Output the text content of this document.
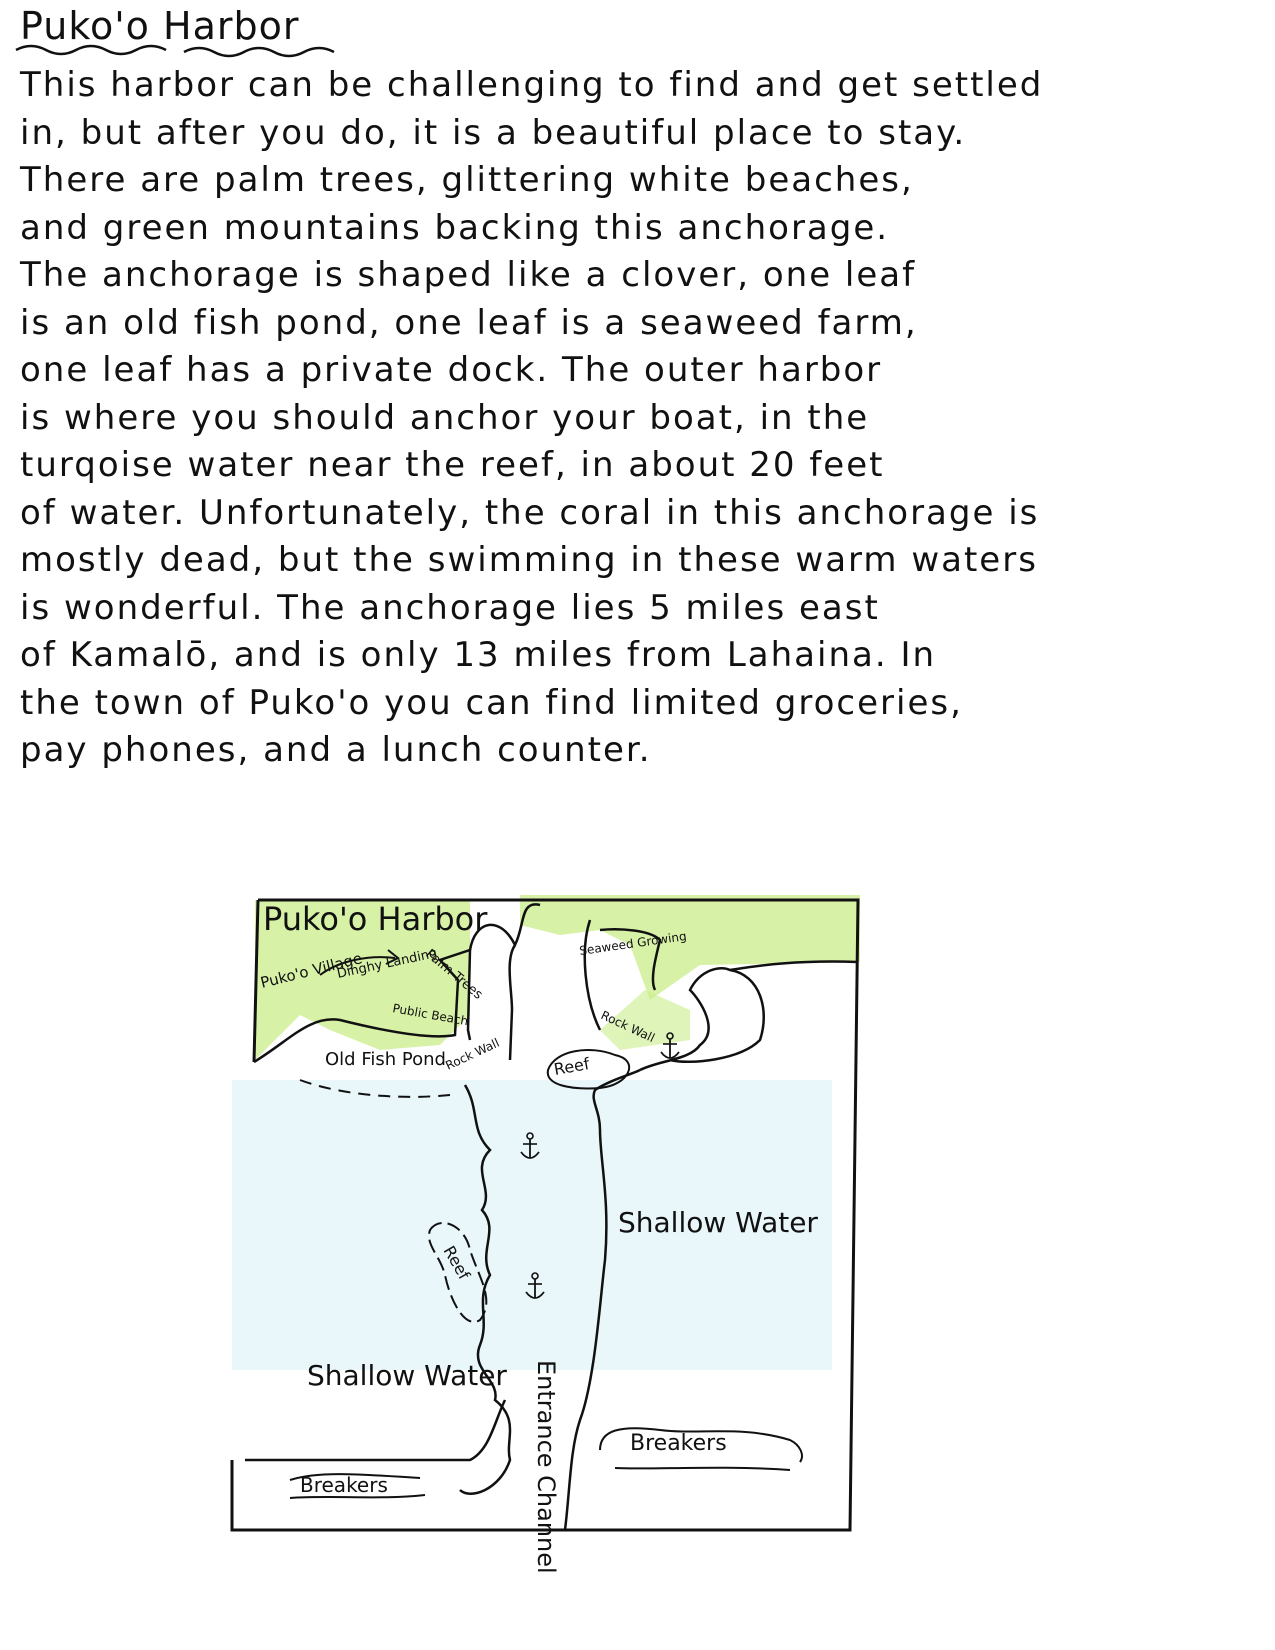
Puko'o Harbor
This harbor can be challenging to find and get settled
in, but after you do, it is a beautiful place to stay.
There are palm trees, glittering white beaches,
and green mountains backing this anchorage.
The anchorage is shaped like a clover, one leaf
is an old fish pond, one leaf is a seaweed farm,
one leaf has a private dock. The outer harbor
is where you should anchor your boat, in the
turqoise water near the reef, in about 20 feet
of water. Unfortunately, the coral in this anchorage is
mostly dead, but the swimming in these warm waters
is wonderful. The anchorage lies 5 miles east
of Kamalō, and is only 13 miles from Lahaina. In
the town of Puko'o you can find limited groceries,
pay phones, and a lunch counter.
Puko'o Harbor
Puko'o Village
Dinghy Landing
Palm Trees
Public Beach
Old Fish Pond
Rock Wall
Seaweed Growing
Rock Wall
Reef
Reef
Shallow Water
Shallow Water Entrance Channel	Breakers
Breakers
